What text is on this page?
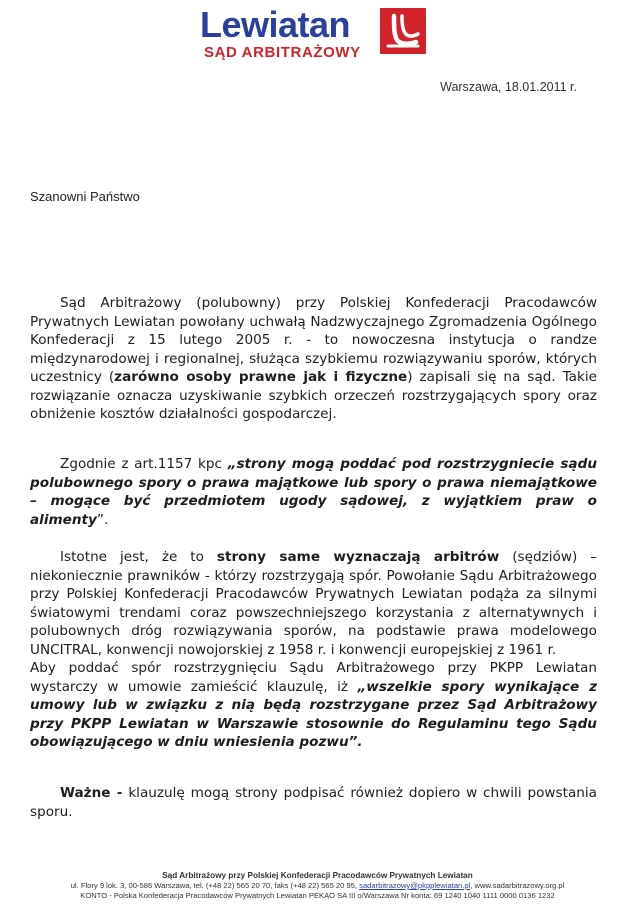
Lewiatan
SĄD ARBITRAŻOWY
Warszawa, 18.01.2011 r.
Szanowni Państwo

Sąd Arbitrażowy (polubowny) przy Polskiej Konfederacji Pracodawców Prywatnych Lewiatan powołany uchwałą Nadzwyczajnego Zgromadzenia Ogólnego Konfederacji z 15 lutego 2005 r. - to nowoczesna instytucja o randze międzynarodowej i regionalnej, służąca szybkiemu rozwiązywaniu sporów, których uczestnicy (zarówno osoby prawne jak i fizyczne) zapisali się na sąd. Takie rozwiązanie oznacza uzyskiwanie szybkich orzeczeń rozstrzygających spory oraz obniżenie kosztów działalności gospodarczej.

Zgodnie z art.1157 kpc „strony mogą poddać pod rozstrzygniecie sądu polubownego spory o prawa majątkowe lub spory o prawa niemajątkowe – mogące być przedmiotem ugody sądowej, z wyjątkiem praw o alimenty”.

Istotne jest, że to strony same wyznaczają arbitrów (sędziów) – niekoniecznie prawników - którzy rozstrzygają spór. Powołanie Sądu Arbitrażowego przy Polskiej Konfederacji Pracodawców Prywatnych Lewiatan podąża za silnymi światowymi trendami coraz powszechniejszego korzystania z alternatywnych i polubownych dróg rozwiązywania sporów, na podstawie prawa modelowego UNCITRAL, konwencji nowojorskiej z 1958 r. i konwencji europejskiej z 1961 r.

Aby poddać spór rozstrzygnięciu Sądu Arbitrażowego przy PKPP Lewiatan wystarczy w umowie zamieścić klauzulę, iż „wszelkie spory wynikające z umowy lub w związku z nią będą rozstrzygane przez Sąd Arbitrażowy przy PKPP Lewiatan w Warszawie stosownie do Regulaminu tego Sądu obowiązującego w dniu wniesienia pozwu”.

Ważne - klauzulę mogą strony podpisać również dopiero w chwili powstania sporu.

Sąd Arbitrażowy przy Polskiej Konfederacji Pracodawców Prywatnych Lewiatan
ul. Flory 9 lok. 3, 00-586 Warszawa, tel. (+48 22) 565 20 70, faks (+48 22) 565 20 95, sadarbitrazowy@pkpplewiatan.pl, www.sadarbitrazowy.org.pl
KONTO - Polska Konfederacja Pracodawców Prywatnych Lewiatan PEKAO SA III o/Warszawa Nr konta: 69 1240 1040 1111 0000 0136 1232
